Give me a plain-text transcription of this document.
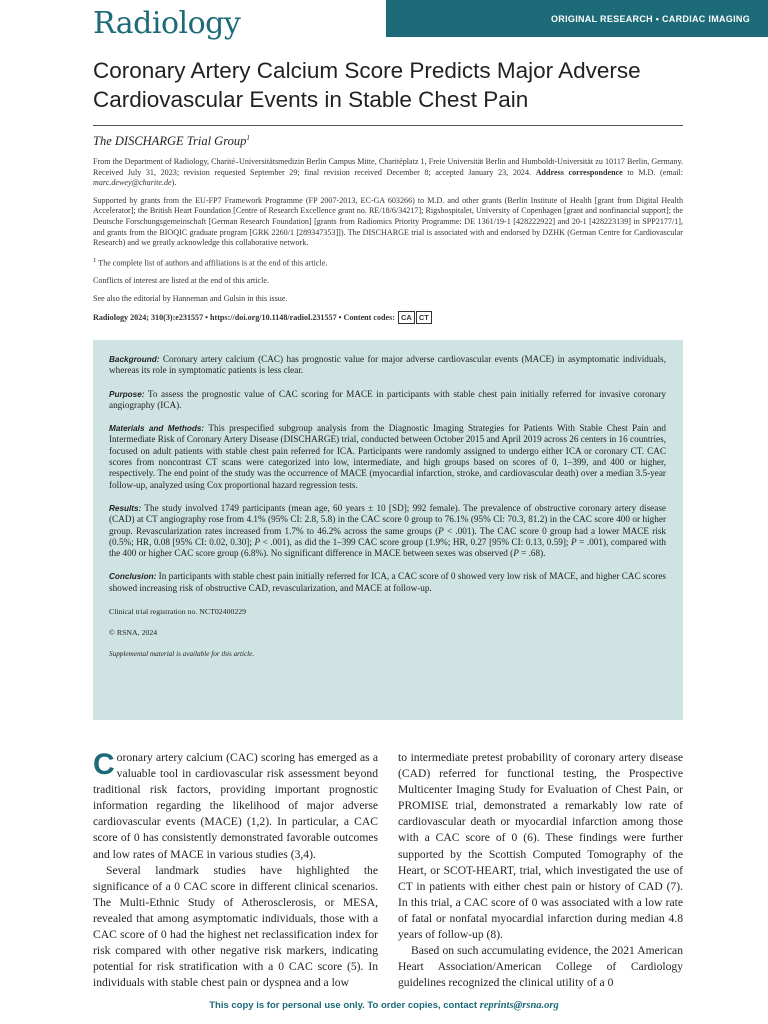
Radiology	ORIGINAL RESEARCH • CARDIAC IMAGING
Coronary Artery Calcium Score Predicts Major Adverse Cardiovascular Events in Stable Chest Pain
The DISCHARGE Trial Group$^1$

From the Department of Radiology, Charité–Universitätsmedizin Berlin Campus Mitte, Charitéplatz 1, Freie Universität Berlin and Humboldt-Universität zu 10117 Berlin, Germany. Received July 31, 2023; revision requested September 29; final revision received December 8; accepted January 23, 2024. Address correspondence to M.D. (email: marc.dewey@charite.de).

Supported by grants from the EU-FP7 Framework Programme (FP 2007-2013, EC-GA 603266) to M.D. and other grants (Berlin Institute of Health [grant from Digital Health Accelerator]; the British Heart Foundation [Centre of Research Excellence grant no. RE/18/6/34217]; Rigshospitalet, University of Copenhagen [grant and nonfinancial support]; the Deutsche Forschungsgemeinschaft [German Research Foundation] [grants from Radiomics Priority Programme: DE 1361/19-1 [428222922] and 20-1 [428223139] in SPP2177/1], and grants from the BIOQIC graduate program [GRK 2260/1 [289347353]]). The DISCHARGE trial is associated with and endorsed by DZHK (German Centre for Cardiovascular Research) and we greatly acknowledge this collaborative network.

$^1$ The complete list of authors and affiliations is at the end of this article.

Conflicts of interest are listed at the end of this article.

See also the editorial by Hanneman and Gulsin in this issue.

Radiology 2024; 310(3):e231557 • https://doi.org/10.1148/radiol.231557 • Content codes: CA CT

Background: Coronary artery calcium (CAC) has prognostic value for major adverse cardiovascular events (MACE) in asymptomatic individuals, whereas its role in symptomatic patients is less clear.

Purpose: To assess the prognostic value of CAC scoring for MACE in participants with stable chest pain initially referred for invasive coronary angiography (ICA).

Materials and Methods: This prespecified subgroup analysis from the Diagnostic Imaging Strategies for Patients With Stable Chest Pain and Intermediate Risk of Coronary Artery Disease (DISCHARGE) trial, conducted between October 2015 and April 2019 across 26 centers in 16 countries, focused on adult patients with stable chest pain referred for ICA. Participants were randomly assigned to undergo either ICA or coronary CT. CAC scores from noncontrast CT scans were categorized into low, intermediate, and high groups based on scores of 0, 1–399, and 400 or higher, respectively. The end point of the study was the occurrence of MACE (myocardial infarction, stroke, and cardiovascular death) over a median 3.5-year follow-up, analyzed using Cox proportional hazard regression tests.

Results: The study involved 1749 participants (mean age, 60 years ± 10 [SD]; 992 female). The prevalence of obstructive coronary artery disease (CAD) at CT angiography rose from 4.1% (95% CI: 2.8, 5.8) in the CAC score 0 group to 76.1% (95% CI: 70.3, 81.2) in the CAC score 400 or higher group. Revascularization rates increased from 1.7% to 46.2% across the same groups (P < .001). The CAC score 0 group had a lower MACE risk (0.5%; HR, 0.08 [95% CI: 0.02, 0.30]; P < .001), as did the 1–399 CAC score group (1.9%; HR, 0.27 [95% CI: 0.13, 0.59]; P = .001), compared with the 400 or higher CAC score group (6.8%). No significant difference in MACE between sexes was observed (P = .68).

Conclusion: In participants with stable chest pain initially referred for ICA, a CAC score of 0 showed very low risk of MACE, and higher CAC scores showed increasing risk of obstructive CAD, revascularization, and MACE at follow-up.

Clinical trial registration no. NCT02400229

© RSNA, 2024

Supplemental material is available for this article.

Coronary artery calcium (CAC) scoring has emerged as a valuable tool in cardiovascular risk assessment beyond traditional risk factors, providing important prognostic information regarding the likelihood of major adverse cardiovascular events (MACE) (1,2). In particular, a CAC score of 0 has consistently demonstrated favorable outcomes and low rates of MACE in various studies (3,4).

Several landmark studies have highlighted the significance of a 0 CAC score in different clinical scenarios. The Multi-Ethnic Study of Atherosclerosis, or MESA, revealed that among asymptomatic individuals, those with a CAC score of 0 had the highest net reclassification index for risk compared with other negative risk markers, indicating potential for risk stratification with a 0 CAC score (5). In individuals with stable chest pain or dyspnea and a low

to intermediate pretest probability of coronary artery disease (CAD) referred for functional testing, the Prospective Multicenter Imaging Study for Evaluation of Chest Pain, or PROMISE trial, demonstrated a remarkably low rate of cardiovascular death or myocardial infarction among those with a CAC score of 0 (6). These findings were further supported by the Scottish Computed Tomography of the Heart, or SCOT-HEART, trial, which investigated the use of CT in patients with either chest pain or history of CAD (7). In this trial, a CAC score of 0 was associated with a low rate of fatal or nonfatal myocardial infarction during median 4.8 years of follow-up (8).

Based on such accumulating evidence, the 2021 American Heart Association/American College of Cardiology guidelines recognized the clinical utility of a 0

This copy is for personal use only. To order copies, contact reprints@rsna.org
